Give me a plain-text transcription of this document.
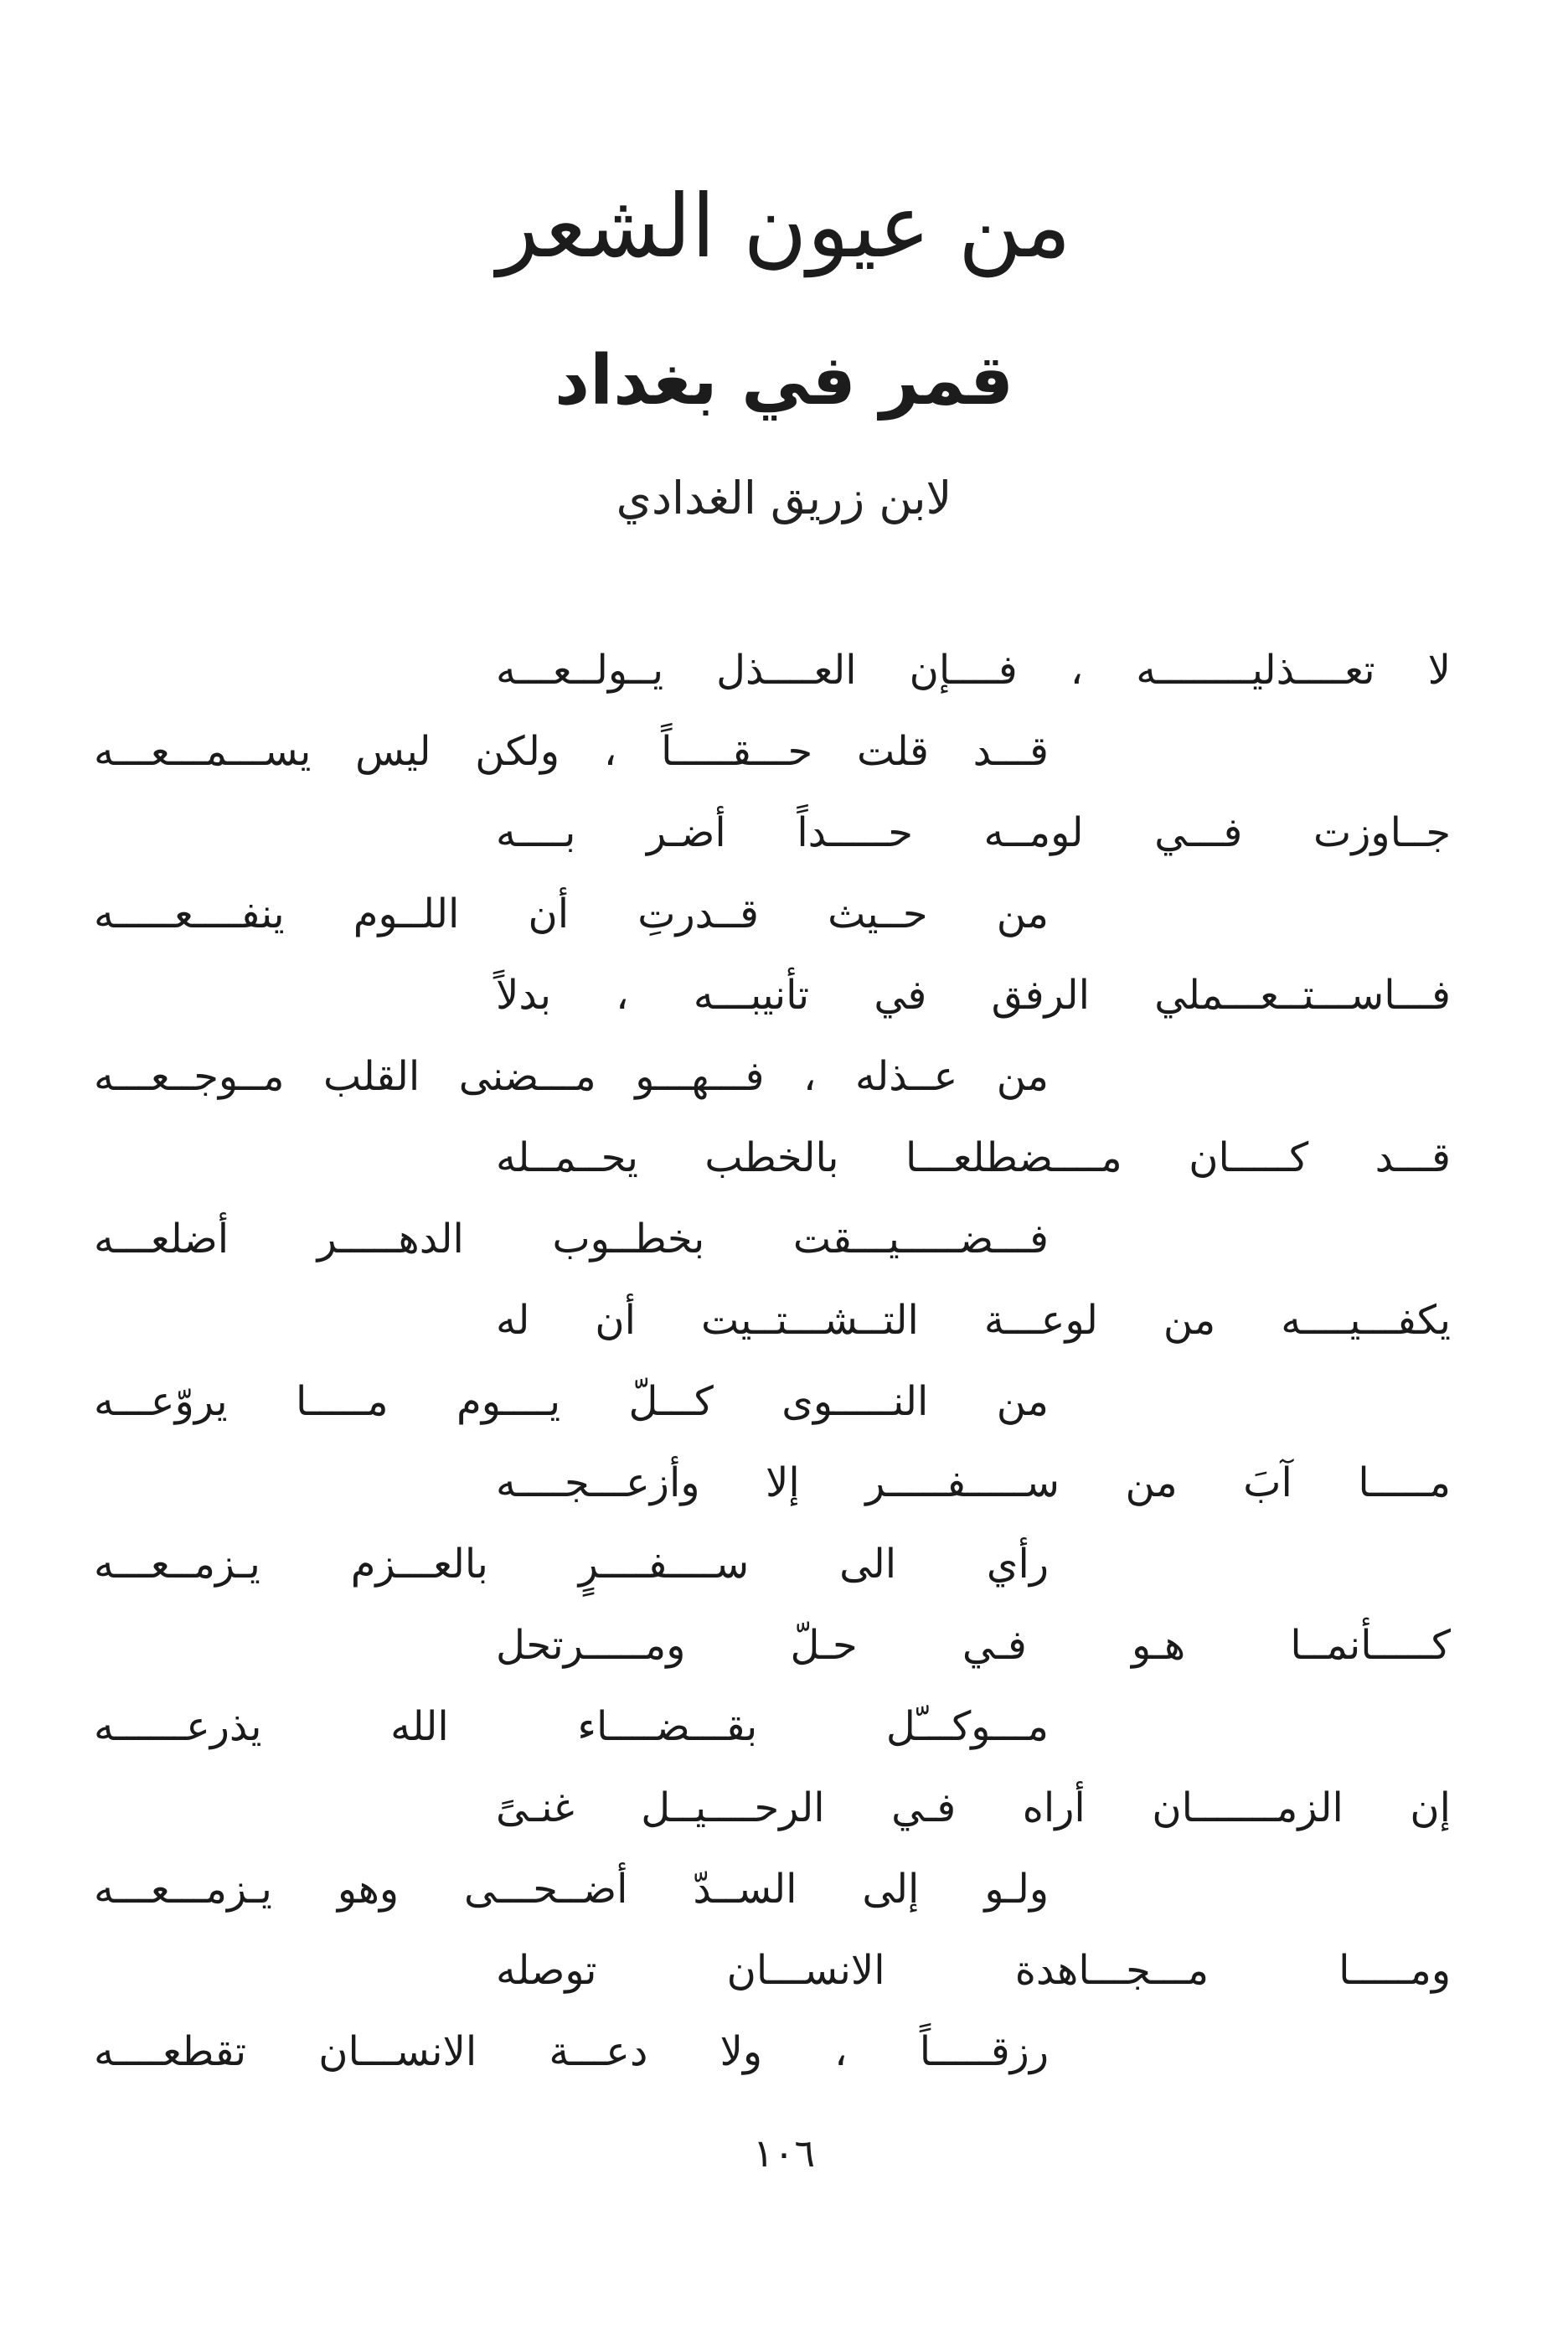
من عيون الشعر
قمر في بغداد
لابن زريق الغدادي
لا تعــــذليــــــــه ، فــــإن العــــذل يــولــعـــه
قـــد قلت حـــقـــــاً ، ولكن ليس يســـمـــعـــه
جــاوزت فـــي لومــه حـــــداً أضـر بــــه
من حــيث قــدرتِ أن اللــوم ينفــــعـــــه
فـــاســـتــعـــملي الرفق في تأنيبـــه ، بدلاً
من عــذله ، فـــهـــو مـــضنى القلب مــوجــعـــه
قـــد كـــــان مــــضطلعـــا بالخطب يحــمــله
فـــضـــــيـــقت بخطــوب الدهـــــر أضلعـــه
يكفـــيــــه من لوعـــة التــشـــتــيت أن له
من النـــــوى كـــلّ يــــوم مـــــا يروّعـــه
مـــــا آبَ من ســـــفـــــر إلا وأزعـــجــــه
رأي الى ســــفــــرٍ بالعـــزم يـزمــعـــه
كـــــأنمــا هـو فـي حـلّ ومـــــرتحل
مـــوكـــّل بقـــضــــاء الله يذرعــــــه
إن الزمـــــــان أراه فـي الرحــــيــل غنـىً
ولـو إلى الســدّ أضــحـــى وهو يـزمـــعـــه
ومـــــا مـــجـــاهدة الانســـان توصله
رزقـــــاً ، ولا دعـــة الانســـان تقطعــــه
١٠٦
